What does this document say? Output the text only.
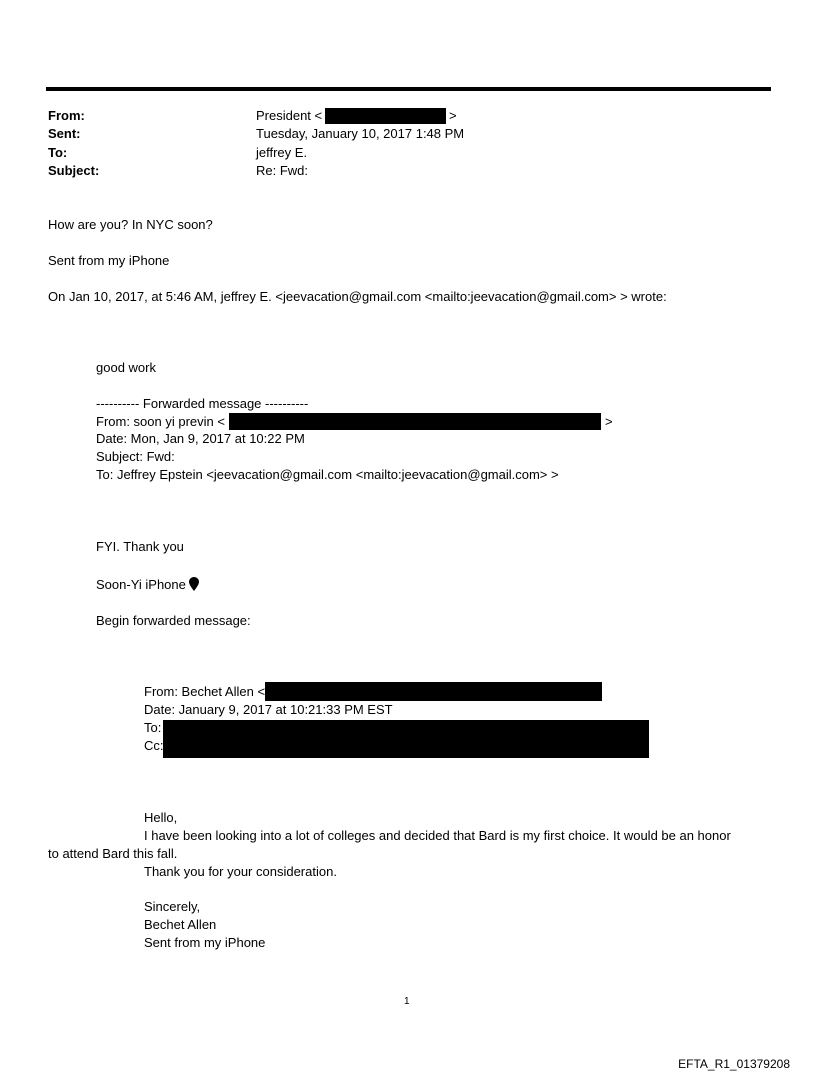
From:	President <	>
Sent:	Tuesday, January 10, 2017 1:48 PM
To:	jeffrey E.
Subject:	Re: Fwd:
How are you? In NYC soon?
Sent from my iPhone
On Jan 10, 2017, at 5:46 AM, jeffrey E. <jeevacation@gmail.com <mailto:jeevacation@gmail.com> > wrote:
good work
---------- Forwarded message ----------
From: soon yi previn <	>
Date: Mon, Jan 9, 2017 at 10:22 PM
Subject: Fwd:
To: Jeffrey Epstein <jeevacation@gmail.com <mailto:jeevacation@gmail.com> >
FYI. Thank you
Soon-Yi iPhone
Begin forwarded message:
From: Bechet Allen <
Date: January 9, 2017 at 10:21:33 PM EST
To:
Cc:
Hello,
I have been looking into a lot of colleges and decided that Bard is my first choice. It would be an honor
to attend Bard this fall.
Thank you for your consideration.
Sincerely,
Bechet Allen
Sent from my iPhone
1
EFTA_R1_01379208
